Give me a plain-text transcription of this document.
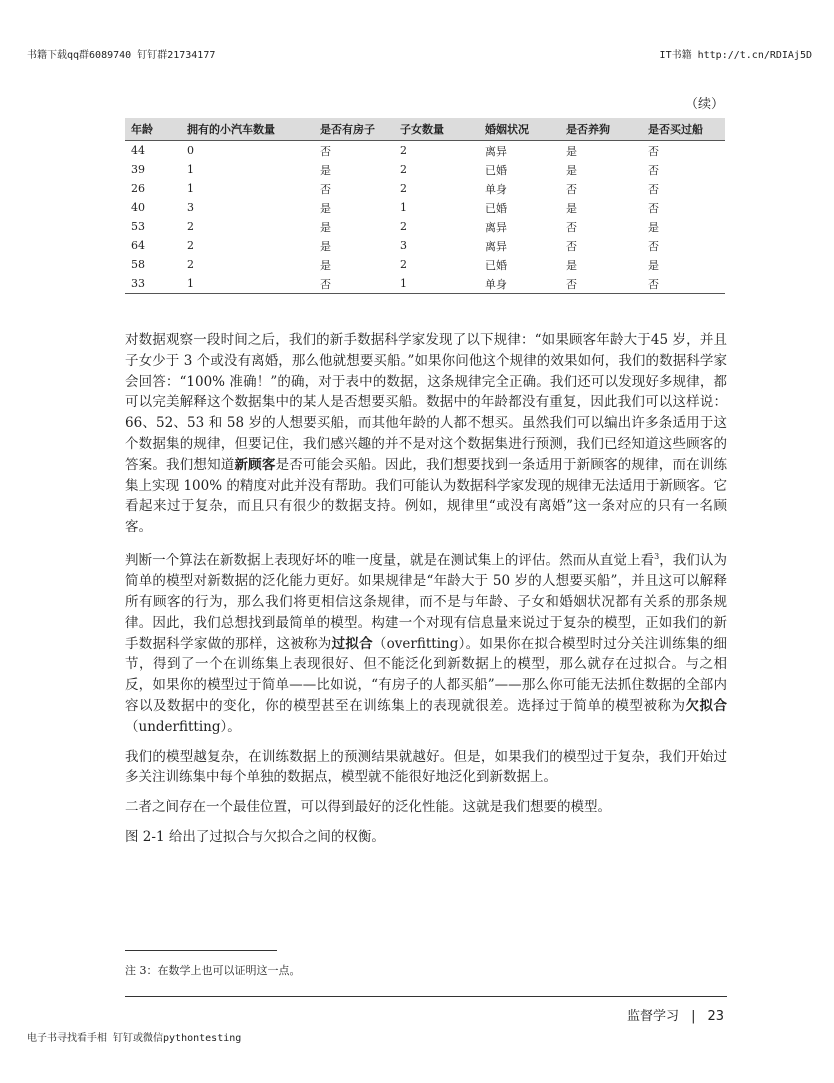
书籍下载qq群6089740 钉钉群21734177	IT书籍 http://t.cn/RDIAj5D
（续）
年龄	拥有的小汽车数量	是否有房子	子女数量	婚姻状况	是否养狗	是否买过船
44	0	否	2	离异	是	否
39	1	是	2	已婚	是	否
26	1	否	2	单身	否	否
40	3	是	1	已婚	是	否
53	2	是	2	离异	否	是
64	2	是	3	离异	否	否
58	2	是	2	已婚	是	是
33	1	否	1	单身	否	否

对数据观察一段时间之后，我们的新手数据科学家发现了以下规律：“如果顾客年龄大于45 岁，并且子女少于 3 个或没有离婚，那么他就想要买船。”如果你问他这个规律的效果如何，我们的数据科学家会回答：“100% 准确！”的确，对于表中的数据，这条规律完全正确。我们还可以发现好多规律，都可以完美解释这个数据集中的某人是否想要买船。数据中的年龄都没有重复，因此我们可以这样说：66、52、53 和 58 岁的人想要买船，而其他年龄的人都不想买。虽然我们可以编出许多条适用于这个数据集的规律，但要记住，我们感兴趣的并不是对这个数据集进行预测，我们已经知道这些顾客的答案。我们想知道新顾客是否可能会买船。因此，我们想要找到一条适用于新顾客的规律，而在训练集上实现 100% 的精度对此并没有帮助。我们可能认为数据科学家发现的规律无法适用于新顾客。它看起来过于复杂，而且只有很少的数据支持。例如，规律里“或没有离婚”这一条对应的只有一名顾客。

判断一个算法在新数据上表现好坏的唯一度量，就是在测试集上的评估。然而从直觉上看$^3$，我们认为简单的模型对新数据的泛化能力更好。如果规律是“年龄大于 50 岁的人想要买船”，并且这可以解释所有顾客的行为，那么我们将更相信这条规律，而不是与年龄、子女和婚姻状况都有关系的那条规律。因此，我们总想找到最简单的模型。构建一个对现有信息量来说过于复杂的模型，正如我们的新手数据科学家做的那样，这被称为过拟合（overfitting）。如果你在拟合模型时过分关注训练集的细节，得到了一个在训练集上表现很好、但不能泛化到新数据上的模型，那么就存在过拟合。与之相反，如果你的模型过于简单——比如说，“有房子的人都买船”——那么你可能无法抓住数据的全部内容以及数据中的变化，你的模型甚至在训练集上的表现就很差。选择过于简单的模型被称为欠拟合（underfitting）。

我们的模型越复杂，在训练数据上的预测结果就越好。但是，如果我们的模型过于复杂，我们开始过多关注训练集中每个单独的数据点，模型就不能很好地泛化到新数据上。

二者之间存在一个最佳位置，可以得到最好的泛化性能。这就是我们想要的模型。

图 2-1 给出了过拟合与欠拟合之间的权衡。

注 3：在数学上也可以证明这一点。
监督学习 | 23
电子书寻找看手相 钉钉或微信pythontesting
